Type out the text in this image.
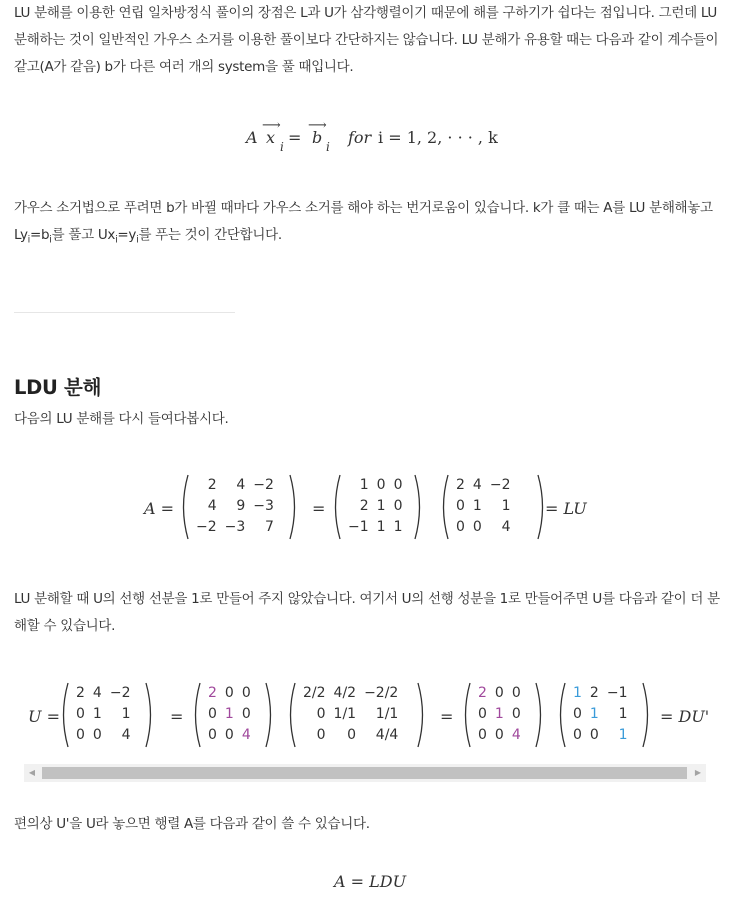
LU 분해를 이용한 연립 일차방정식 풀이의 장점은 L과 U가 삼각행렬이기 때문에 해를 구하기가 쉽다는 점입니다. 그런데 LU 분해하는 것이 일반적인 가우스 소거를 이용한 풀이보다 간단하지는 않습니다. LU 분해가 유용할 때는 다음과 같이 계수들이 같고(A가 같음) b가 다른 여러 개의 system을 풀 때입니다.
A
⟶
x i =
⟶
b i for i = 1, 2, · · · , k
가우스 소거법으로 푸려면 b가 바뀔 때마다 가우스 소거를 해야 하는 번거로움이 있습니다. k가 클 때는 A를 LU 분해해놓고 $Ly_i=b_i$를 풀고 $Ux_i=y_i$를 푸는 것이 간단합니다.
LDU 분해
다음의 LU 분해를 다시 들여다봅시다.
A =
2	4	−2
4	9	−3
−2	−3	7
=
1	0	0
2	1	0
−1	1	1
2	4	−2
0	1	1
0	0	4
= LU
LU 분해할 때 U의 선행 선분을 1로 만들어 주지 않았습니다. 여기서 U의 선행 성분을 1로 만들어주면 U를 다음과 같이 더 분해할 수 있습니다.
U =
2	4	−2
0	1	1
0	0	4
=
2	0	0
0	1	0
0	0	4
2/2	4/2	−2/2
0	1/1	1/1
0	0	4/4
=
2	0	0
0	1	0
0	0	4
1	2	−1
0	1	1
0	0	1
= DU'
◀	▶
편의상 U'을 U라 놓으면 행렬 A를 다음과 같이 쓸 수 있습니다.
A = LDU
